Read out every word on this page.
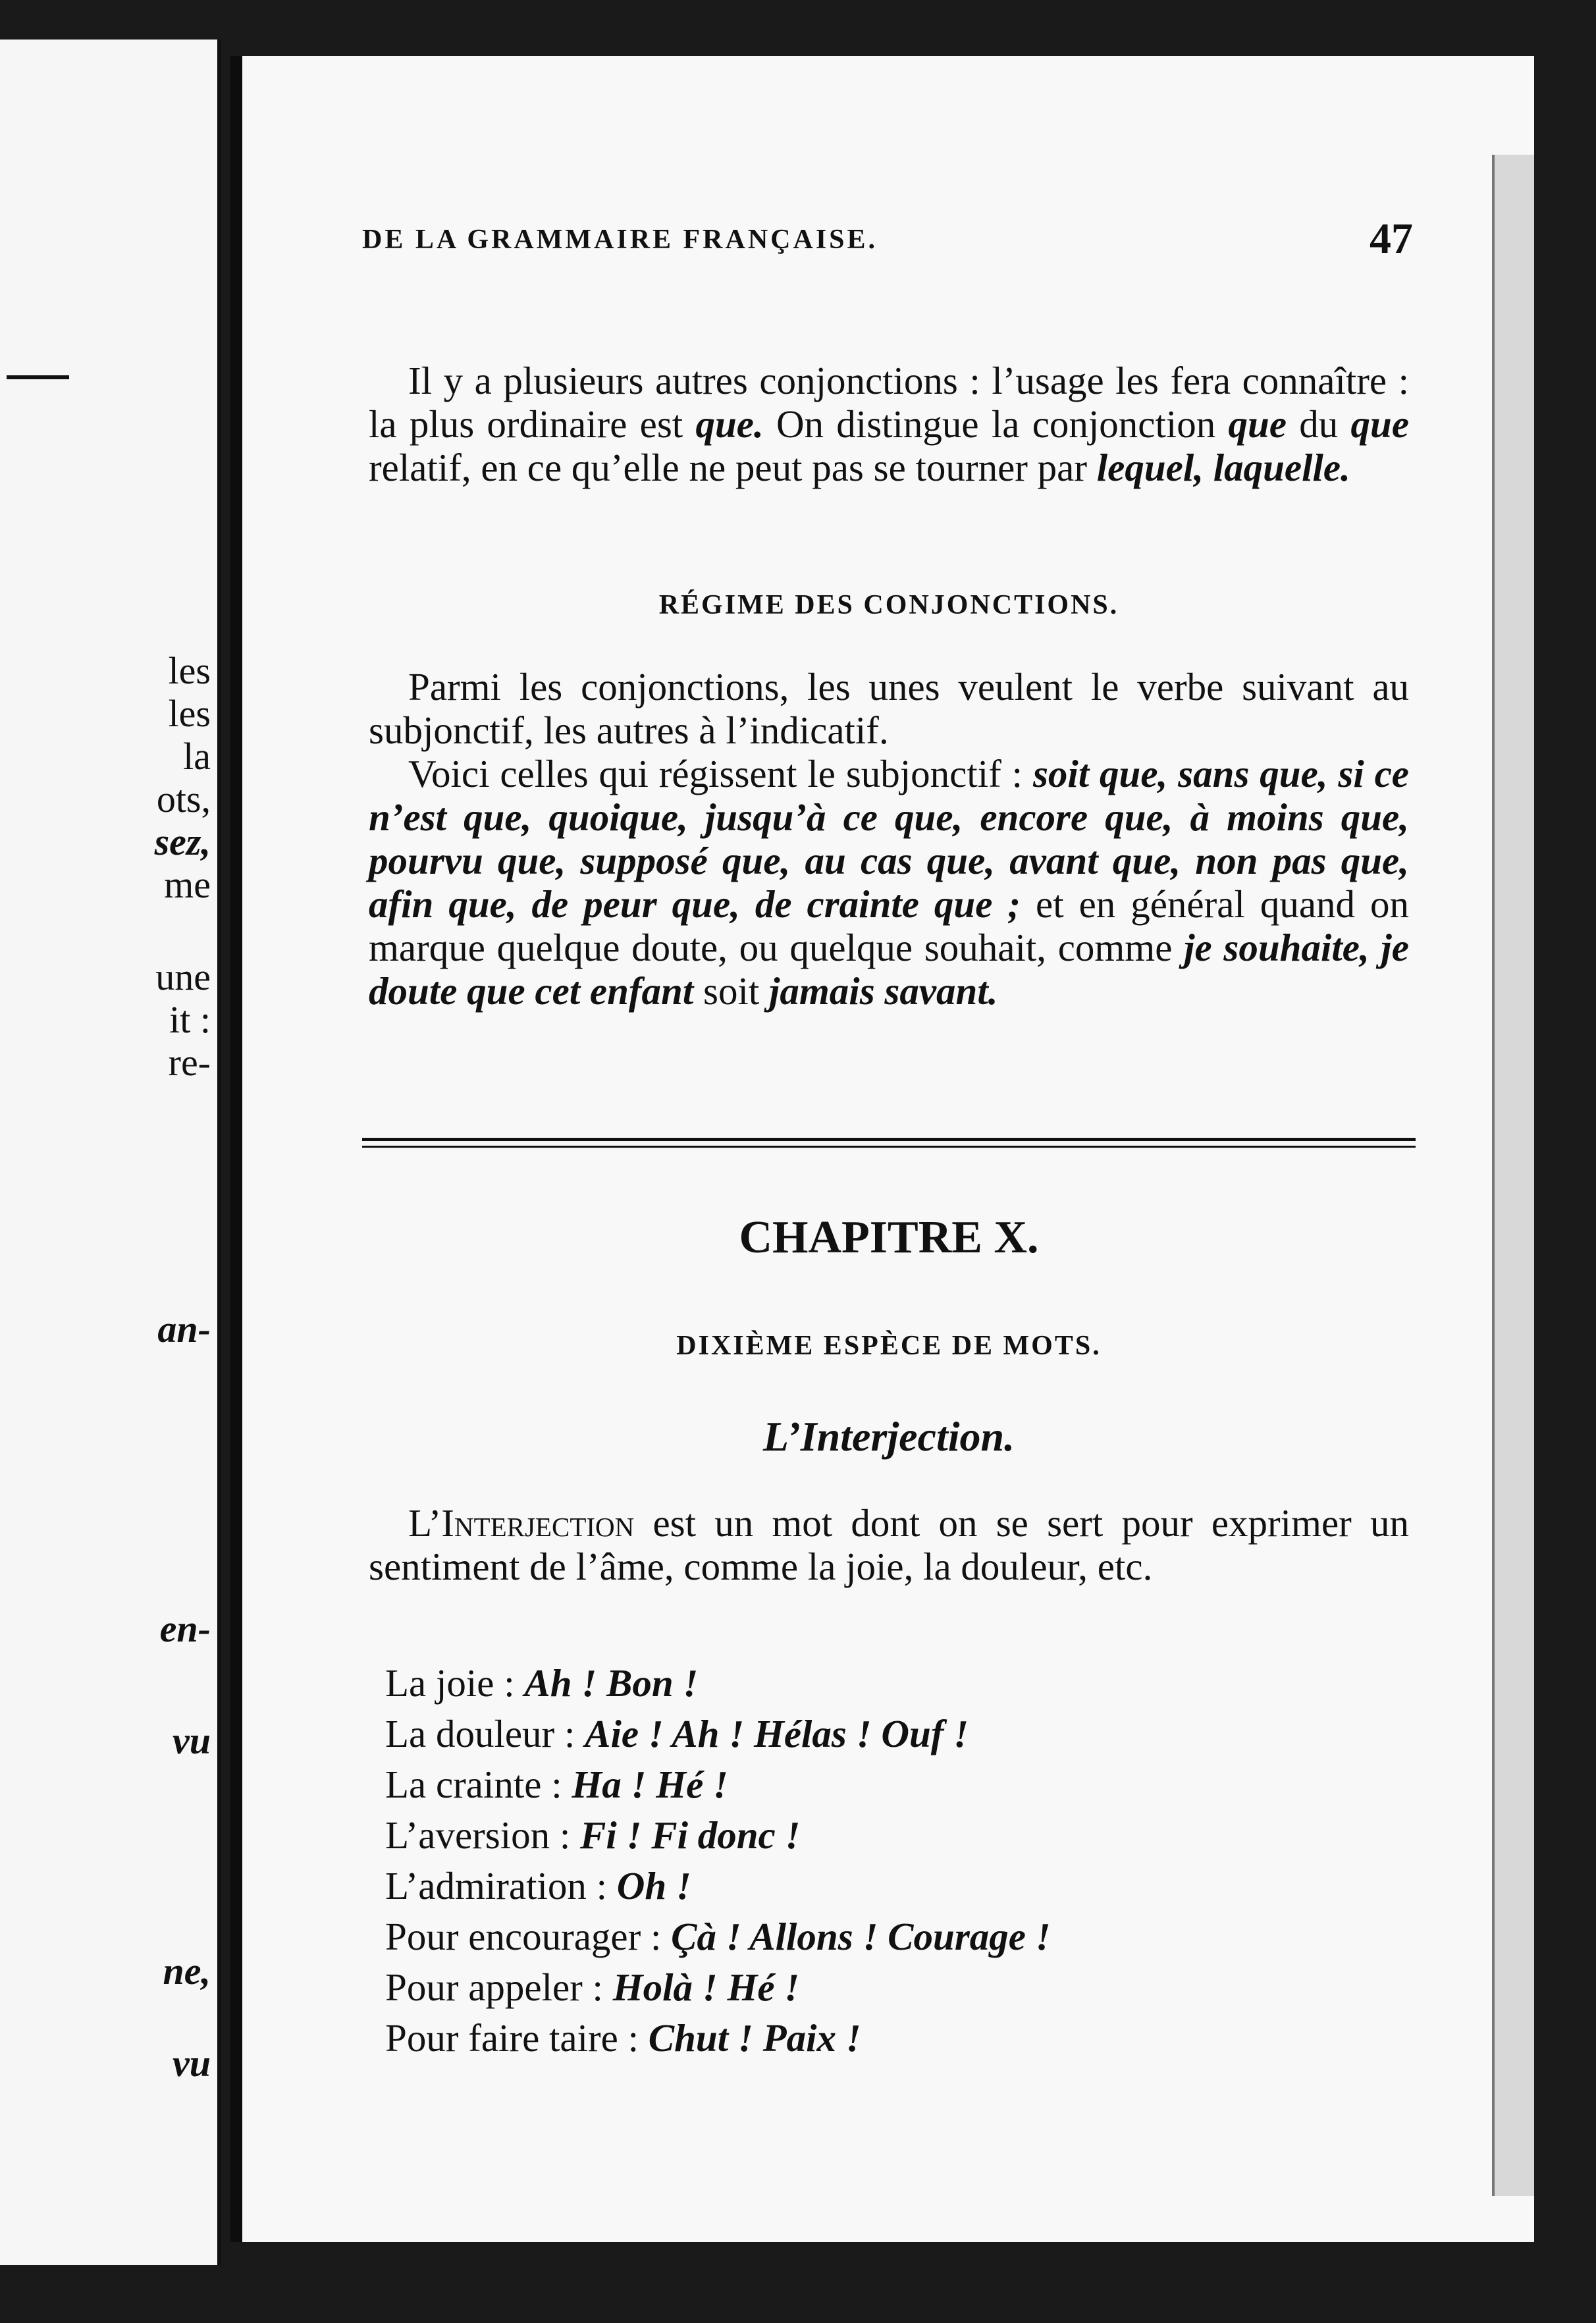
les
les
la
ots,
sez,
me
une
it :
re-
an-
en-
vu
ne,
vu
DE LA GRAMMAIRE FRANÇAISE.	47

Il y a plusieurs autres conjonctions : l’usage les fera connaître : la plus ordinaire est que. On distingue la conjonction que du que relatif, en ce qu’elle ne peut pas se tourner par lequel, laquelle.

RÉGIME DES CONJONCTIONS.

Parmi les conjonctions, les unes veulent le verbe suivant au subjonctif, les autres à l’indicatif.

Voici celles qui régissent le subjonctif : soit que, sans que, si ce n’est que, quoique, jusqu’à ce que, encore que, à moins que, pourvu que, supposé que, au cas que, avant que, non pas que, afin que, de peur que, de crainte que ; et en général quand on marque quelque doute, ou quelque souhait, comme je souhaite, je doute que cet enfant soit jamais savant.

CHAPITRE X.
DIXIÈME ESPÈCE DE MOTS.
L’Interjection.

L’Interjection est un mot dont on se sert pour exprimer un sentiment de l’âme, comme la joie, la douleur, etc.

La joie : Ah ! Bon !
La douleur : Aie ! Ah ! Hélas ! Ouf !
La crainte : Ha ! Hé !
L’aversion : Fi ! Fi donc !
L’admiration : Oh !
Pour encourager : Çà ! Allons ! Courage !
Pour appeler : Holà ! Hé !
Pour faire taire : Chut ! Paix !
